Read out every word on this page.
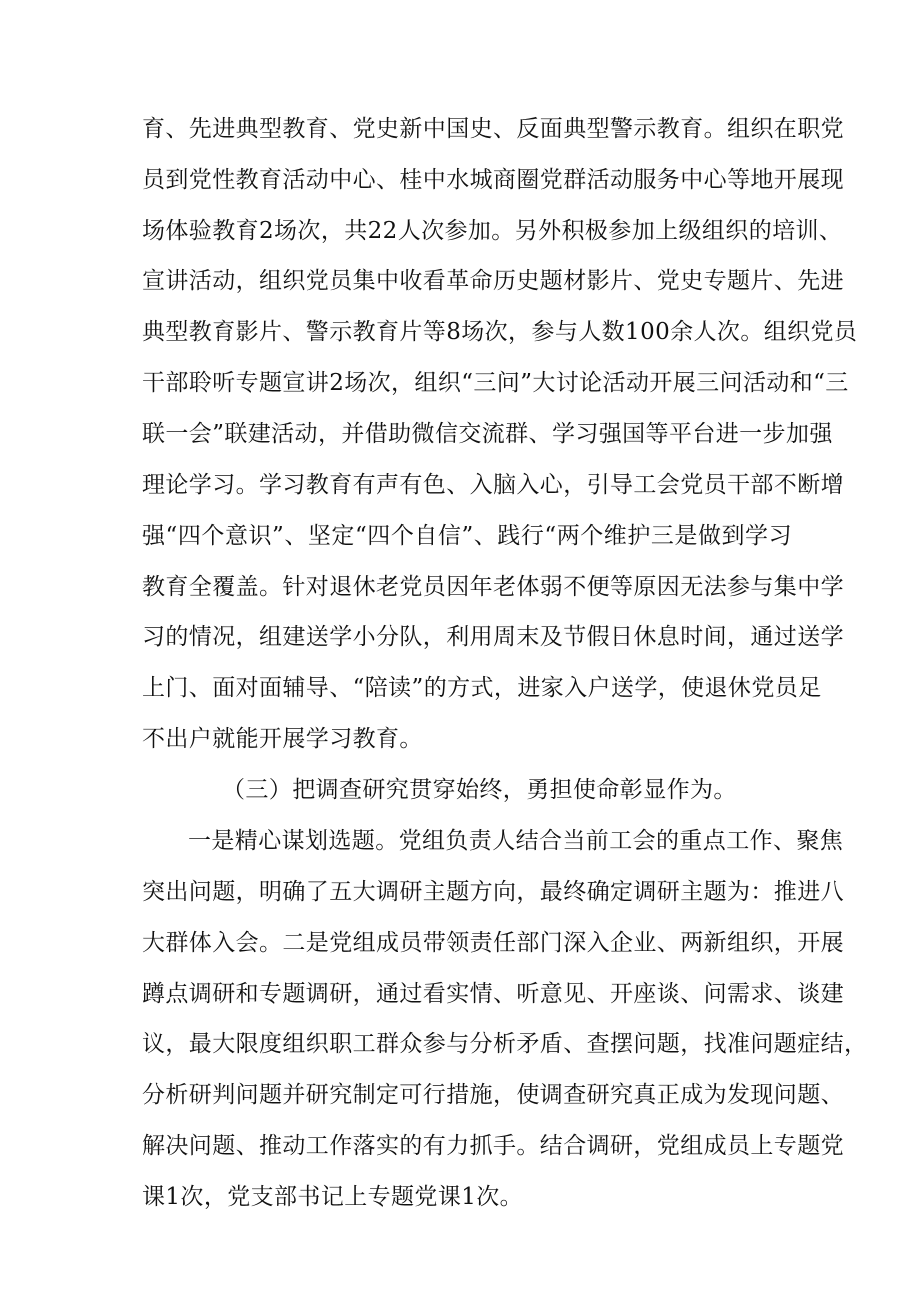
育、先进典型教育、党史新中国史、反面典型警示教育。组织在职党
员到党性教育活动中心、桂中水城商圈党群活动服务中心等地开展现
场体验教育2场次，共22人次参加。另外积极参加上级组织的培训、
宣讲活动，组织党员集中收看革命历史题材影片、党史专题片、先进
典型教育影片、警示教育片等8场次，参与人数100余人次。组织党员
干部聆听专题宣讲2场次，组织“三问”大讨论活动开展三问活动和“三
联一会”联建活动，并借助微信交流群、学习强国等平台进一步加强
理论学习。学习教育有声有色、入脑入心，引导工会党员干部不断增
强“四个意识”、坚定“四个自信”、践行“两个维护三是做到学习
教育全覆盖。针对退休老党员因年老体弱不便等原因无法参与集中学
习的情况，组建送学小分队，利用周末及节假日休息时间，通过送学
上门、面对面辅导、“陪读”的方式，进家入户送学，使退休党员足
不出户就能开展学习教育。
（三）把调查研究贯穿始终，勇担使命彰显作为。
一是精心谋划选题。党组负责人结合当前工会的重点工作、聚焦
突出问题，明确了五大调研主题方向，最终确定调研主题为：推进八
大群体入会。二是党组成员带领责任部门深入企业、两新组织，开展
蹲点调研和专题调研，通过看实情、听意见、开座谈、问需求、谈建
议，最大限度组织职工群众参与分析矛盾、查摆问题，找准问题症结，
分析研判问题并研究制定可行措施，使调查研究真正成为发现问题、
解决问题、推动工作落实的有力抓手。结合调研，党组成员上专题党
课1次，党支部书记上专题党课1次。
